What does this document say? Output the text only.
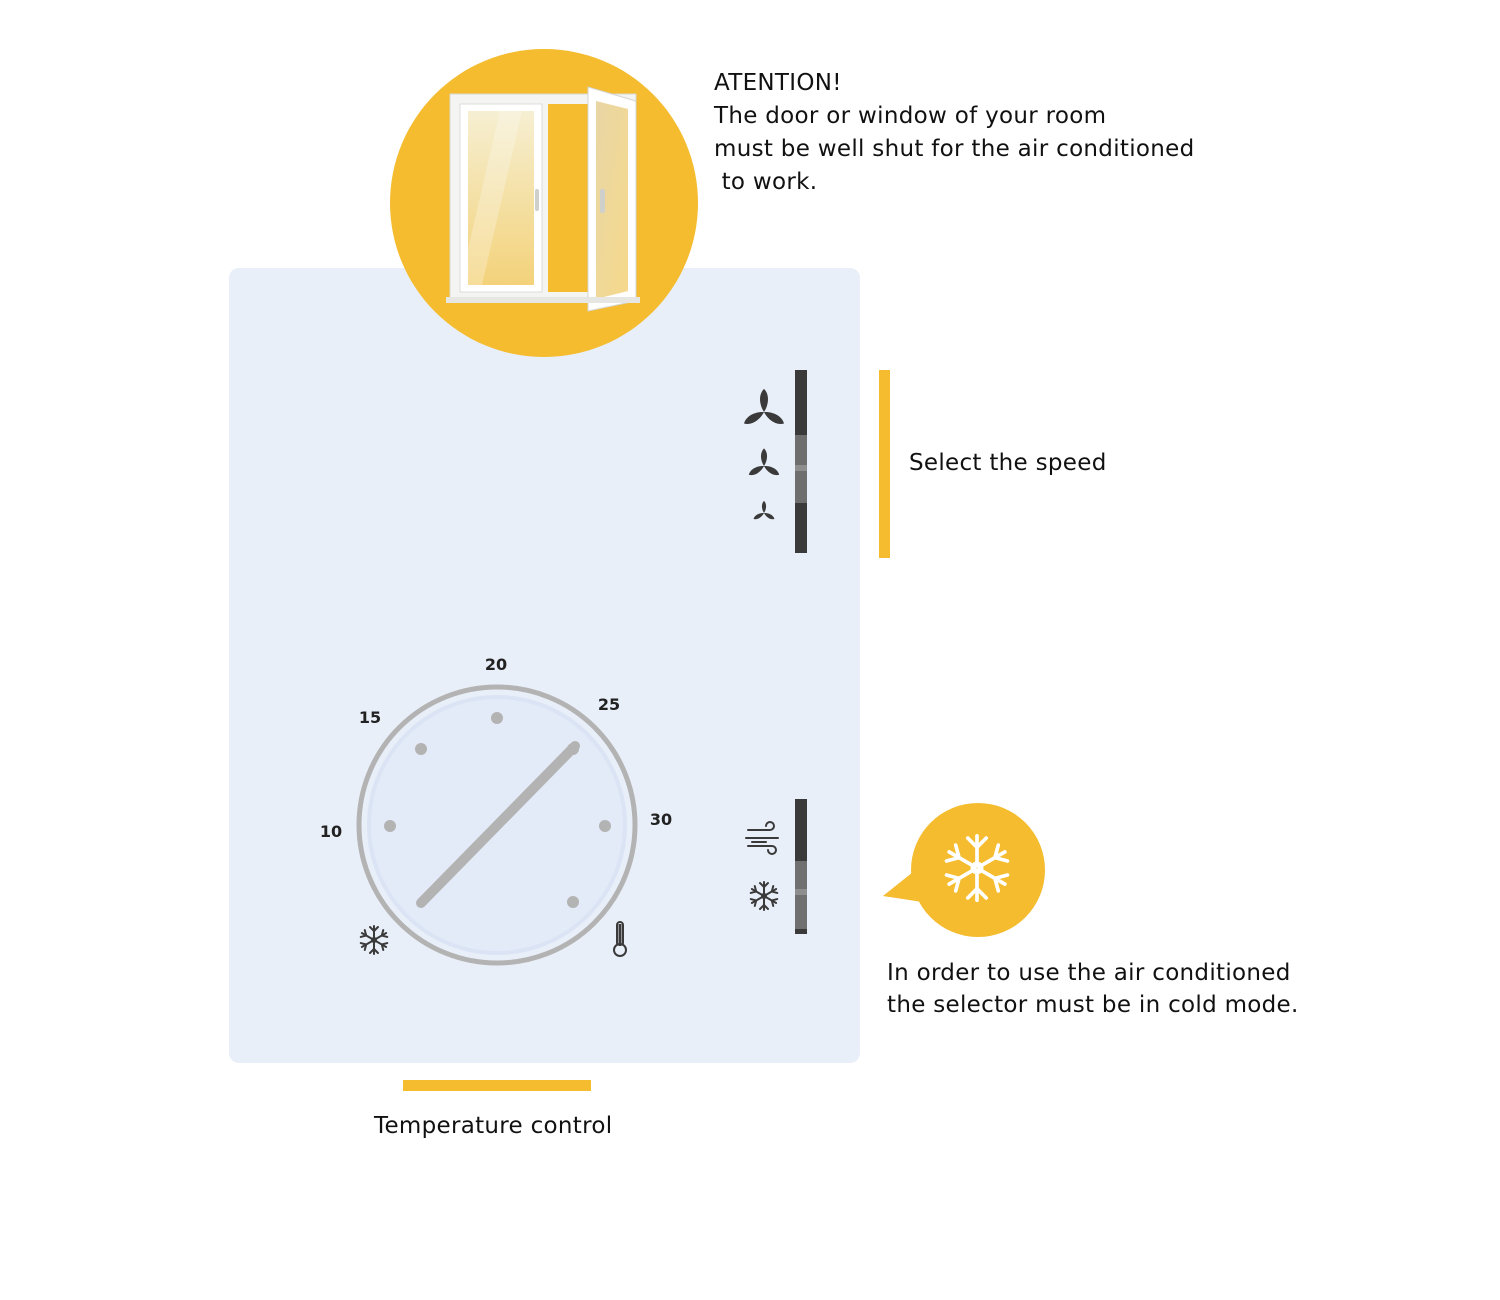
ATENTION!
The door or window of your room
must be well shut for the air conditioned
to work.
10
15
20
25
30
Select the speed
In order to use the air conditioned
the selector must be in cold mode.
Temperature control
